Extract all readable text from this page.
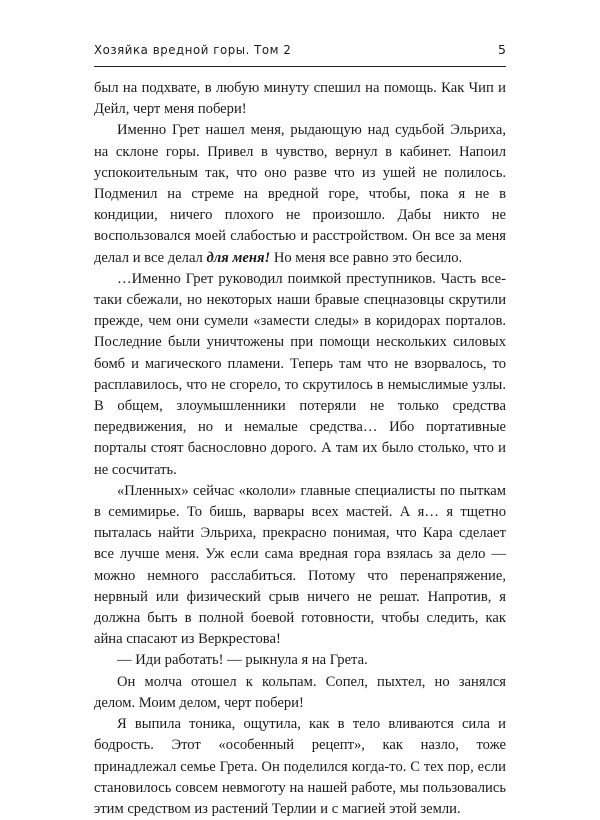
Хозяйка вредной горы. Том 2	5

был на подхвате, в любую минуту спешил на помощь. Как Чип и Дейл, черт меня побери!

Именно Грет нашел меня, рыдающую над судьбой Эльриха, на склоне горы. Привел в чувство, вернул в кабинет. Напоил успокоительным так, что оно разве что из ушей не полилось. Подменил на стреме на вредной горе, чтобы, пока я не в кондиции, ничего плохого не произошло. Дабы никто не воспользовался моей слабостью и расстройством. Он все за меня делал и все делал для меня! Но меня все равно это бесило.

…Именно Грет руководил поимкой преступников. Часть все-таки сбежали, но некоторых наши бравые спецназовцы скрутили прежде, чем они сумели «замести следы» в коридорах порталов. Последние были уничтожены при помощи нескольких силовых бомб и магического пламени. Теперь там что не взорвалось, то расплавилось, что не сгорело, то скрутилось в немыслимые узлы. В общем, злоумышленники потеряли не только средства передвижения, но и немалые средства… Ибо портативные порталы стоят баснословно дорого. А там их было столько, что и не сосчитать.

«Пленных» сейчас «кололи» главные специалисты по пыткам в семимирье. То бишь, варвары всех мастей. А я… я тщетно пыталась найти Эльриха, прекрасно понимая, что Кара сделает все лучше меня. Уж если сама вредная гора взялась за дело — можно немного расслабиться. Потому что перенапряжение, нервный или физический срыв ничего не решат. Напротив, я должна быть в полной боевой готовности, чтобы следить, как айна спасают из Веркрестова!

— Иди работать! — рыкнула я на Грета.

Он молча отошел к кольпам. Сопел, пыхтел, но занялся делом. Моим делом, черт побери!

Я выпила тоника, ощутила, как в тело вливаются сила и бодрость. Этот «особенный рецепт», как назло, тоже принадлежал семье Грета. Он поделился когда-то. С тех пор, если становилось совсем невмоготу на нашей работе, мы пользовались этим средством из растений Терлии и с магией этой земли.
